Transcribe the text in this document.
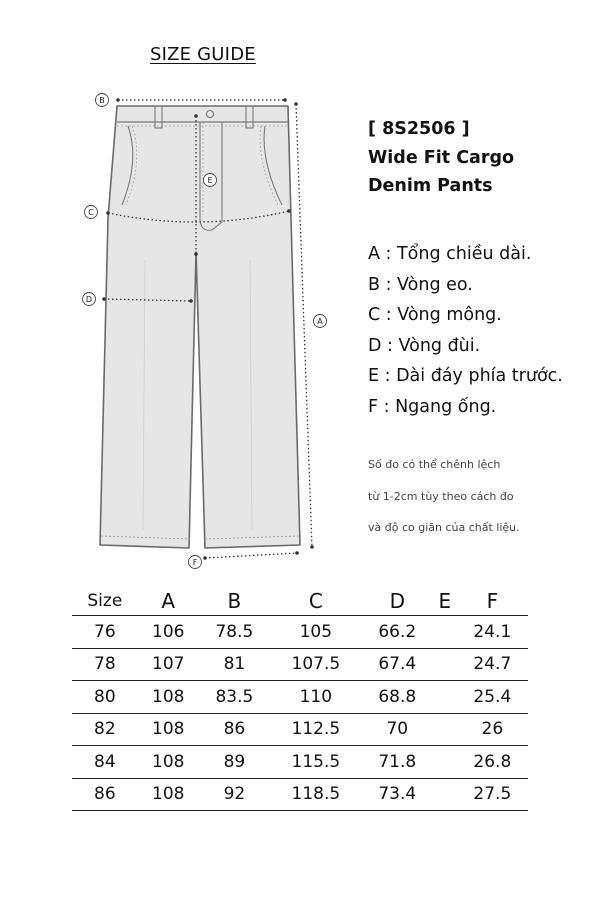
SIZE GUIDE
B
C
E
D
A
F
[ 8S2506 ]
Wide Fit Cargo
Denim Pants
A : Tổng chiều dài.
B : Vòng eo.
C : Vòng mông.
D : Vòng đùi.
E : Dài đáy phía trước.
F : Ngang ống.
Số đo có thể chênh lệch
từ 1-2cm tùy theo cách đo
và độ co giãn của chất liệu.
Size	A	B	C	D	E	F
76	106	78.5	105	66.2		24.1
78	107	81	107.5	67.4		24.7
80	108	83.5	110	68.8		25.4
82	108	86	112.5	70		26
84	108	89	115.5	71.8		26.8
86	108	92	118.5	73.4		27.5
